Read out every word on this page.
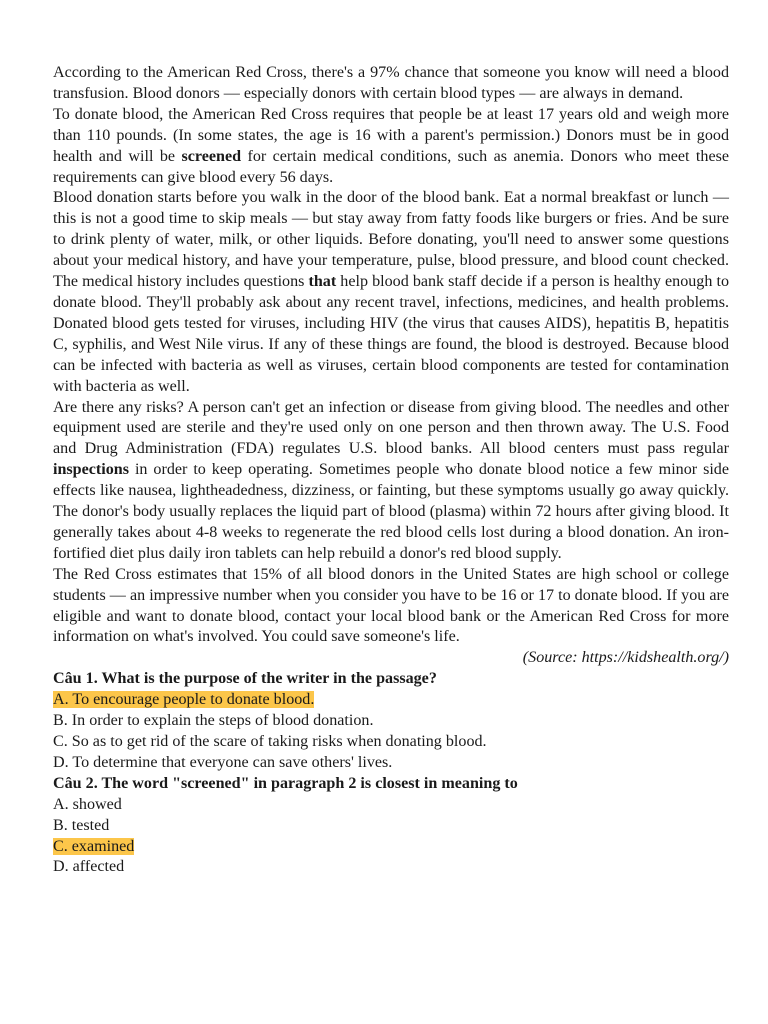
According to the American Red Cross, there's a 97% chance that someone you know will need a blood transfusion. Blood donors — especially donors with certain blood types — are always in demand.

To donate blood, the American Red Cross requires that people be at least 17 years old and weigh more than 110 pounds. (In some states, the age is 16 with a parent's permission.) Donors must be in good health and will be screened for certain medical conditions, such as anemia. Donors who meet these requirements can give blood every 56 days.

Blood donation starts before you walk in the door of the blood bank. Eat a normal breakfast or lunch — this is not a good time to skip meals — but stay away from fatty foods like burgers or fries. And be sure to drink plenty of water, milk, or other liquids. Before donating, you'll need to answer some questions about your medical history, and have your temperature, pulse, blood pressure, and blood count checked. The medical history includes questions that help blood bank staff decide if a person is healthy enough to donate blood. They'll probably ask about any recent travel, infections, medicines, and health problems. Donated blood gets tested for viruses, including HIV (the virus that causes AIDS), hepatitis B, hepatitis C, syphilis, and West Nile virus. If any of these things are found, the blood is destroyed. Because blood can be infected with bacteria as well as viruses, certain blood components are tested for contamination with bacteria as well.

Are there any risks? A person can't get an infection or disease from giving blood. The needles and other equipment used are sterile and they're used only on one person and then thrown away. The U.S. Food and Drug Administration (FDA) regulates U.S. blood banks. All blood centers must pass regular inspections in order to keep operating. Sometimes people who donate blood notice a few minor side effects like nausea, lightheadedness, dizziness, or fainting, but these symptoms usually go away quickly. The donor's body usually replaces the liquid part of blood (plasma) within 72 hours after giving blood. It generally takes about 4-8 weeks to regenerate the red blood cells lost during a blood donation. An iron-fortified diet plus daily iron tablets can help rebuild a donor's red blood supply.

The Red Cross estimates that 15% of all blood donors in the United States are high school or college students — an impressive number when you consider you have to be 16 or 17 to donate blood. If you are eligible and want to donate blood, contact your local blood bank or the American Red Cross for more information on what's involved. You could save someone's life.

(Source: https://kidshealth.org/)

Câu 1. What is the purpose of the writer in the passage?

A. To encourage people to donate blood.

B. In order to explain the steps of blood donation.

C. So as to get rid of the scare of taking risks when donating blood.

D. To determine that everyone can save others' lives.

Câu 2. The word "screened" in paragraph 2 is closest in meaning to

A. showed

B. tested

C. examined

D. affected
